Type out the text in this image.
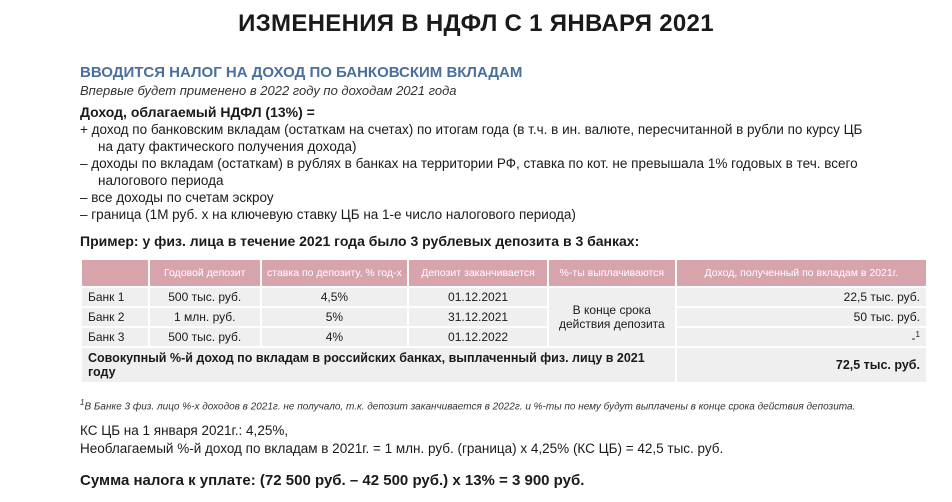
ИЗМЕНЕНИЯ В НДФЛ С 1 ЯНВАРЯ 2021
ВВОДИТСЯ НАЛОГ НА ДОХОД ПО БАНКОВСКИМ ВКЛАДАМ
Впервые будет применено в 2022 году по доходам 2021 года
Доход, облагаемый НДФЛ (13%) =
+ доход по банковским вкладам (остаткам на счетах) по итогам года (в т.ч. в ин. валюте, пересчитанной в рубли по курсу ЦБ
на дату фактического получения дохода)
– доходы по вкладам (остаткам) в рублях в банках на территории РФ, ставка по кот. не превышала 1% годовых в теч. всего
налогового периода
– все доходы по счетам эскроу
– граница (1М руб. х на ключевую ставку ЦБ на 1-е число налогового периода)
Пример: у физ. лица в течение 2021 года было 3 рублевых депозита в 3 банках:
	Годовой депозит	ставка по депозиту, % год-х	Депозит заканчивается	%-ты выплачиваются	Доход, полученный по вкладам в 2021г.
Банк 1	500 тыс. руб.	4,5%	01.12.2021	В конце срока действия депозита	22,5 тыс. руб.
Банк 2	1 млн. руб.	5%	31.12.2021		50 тыс. руб.
Банк 3	500 тыс. руб.	4%	01.12.2022		-$^1$
Совокупный %-й доход по вкладам в российских банках, выплаченный физ. лицу в 2021 году					72,5 тыс. руб.
$^1$В Банке 3 физ. лицо %-х доходов в 2021г. не получало, т.к. депозит заканчивается в 2022г. и %-ты по нему будут выплачены в конце срока действия депозита.
КС ЦБ на 1 января 2021г.: 4,25%,
Необлагаемый %-й доход по вкладам в 2021г. = 1 млн. руб. (граница) х 4,25% (КС ЦБ) = 42,5 тыс. руб.
Сумма налога к уплате: (72 500 руб. – 42 500 руб.) х 13% = 3 900 руб.
